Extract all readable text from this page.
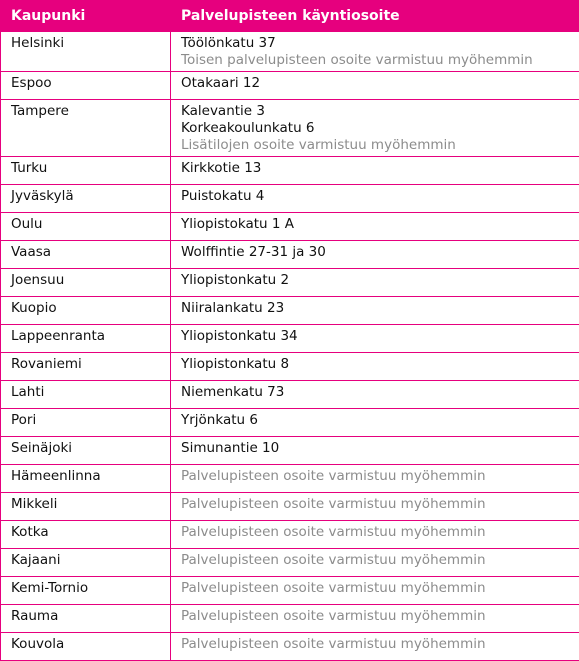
Kaupunki	Palvelupisteen käyntiosoite
Helsinki	Töölönkatu 37
Toisen palvelupisteen osoite varmistuu myöhemmin

Espoo	Otakaari 12

Tampere	Kalevantie 3
Korkeakoulunkatu 6
Lisätilojen osoite varmistuu myöhemmin

Turku	Kirkkotie 13

Jyväskylä	Puistokatu 4

Oulu	Yliopistokatu 1 A

Vaasa	Wolffintie 27-31 ja 30

Joensuu	Yliopistonkatu 2

Kuopio	Niiralankatu 23

Lappeenranta	Yliopistonkatu 34

Rovaniemi	Yliopistonkatu 8

Lahti	Niemenkatu 73

Pori	Yrjönkatu 6

Seinäjoki	Simunantie 10

Hämeenlinna	Palvelupisteen osoite varmistuu myöhemmin

Mikkeli	Palvelupisteen osoite varmistuu myöhemmin

Kotka	Palvelupisteen osoite varmistuu myöhemmin

Kajaani	Palvelupisteen osoite varmistuu myöhemmin

Kemi-Tornio	Palvelupisteen osoite varmistuu myöhemmin

Rauma	Palvelupisteen osoite varmistuu myöhemmin

Kouvola	Palvelupisteen osoite varmistuu myöhemmin
